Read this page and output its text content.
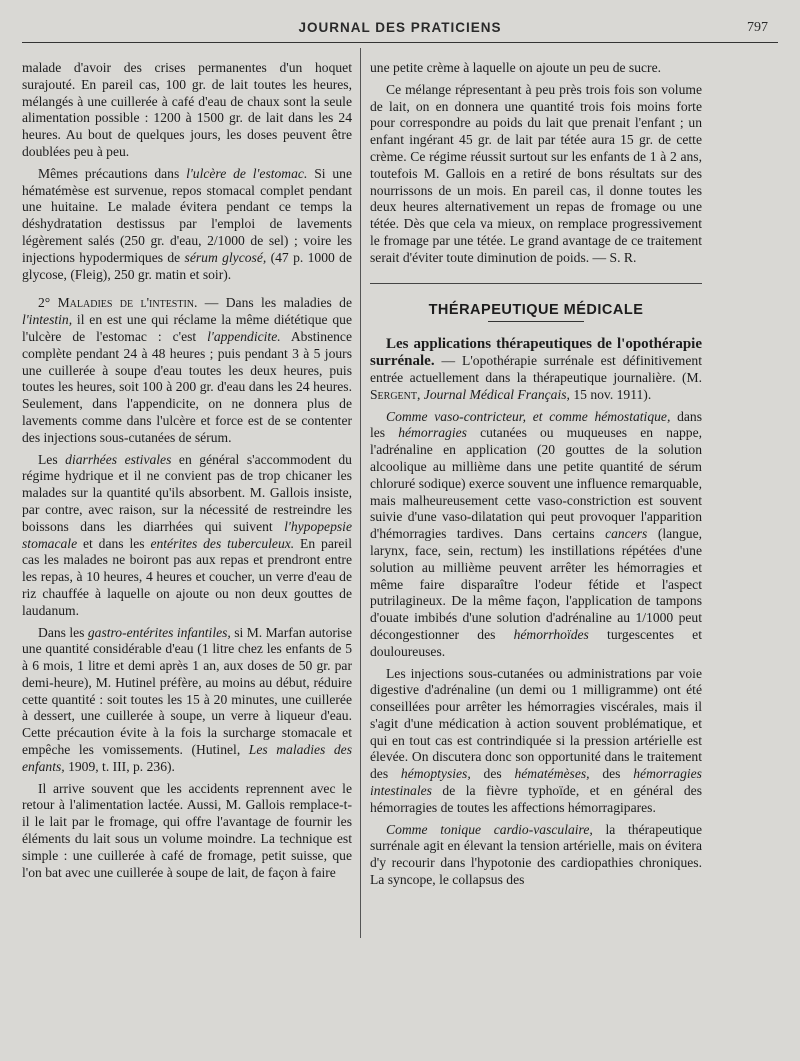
JOURNAL DES PRATICIENS	797

malade d'avoir des crises permanentes d'un hoquet surajouté. En pareil cas, 100 gr. de lait toutes les heures, mélangés à une cuillerée à café d'eau de chaux sont la seule alimentation possible : 1200 à 1500 gr. de lait dans les 24 heures. Au bout de quelques jours, les doses peuvent être doublées peu à peu.

Mêmes précautions dans l'ulcère de l'estomac. Si une hématémèse est survenue, repos stomacal complet pendant une huitaine. Le malade évitera pendant ce temps la déshydratation destissus par l'emploi de lavements légèrement salés (250 gr. d'eau, 2/1000 de sel) ; voire les injections hypodermiques de sérum glycosé, (47 p. 1000 de glycose, (Fleig), 250 gr. matin et soir).

2° Maladies de l'intestin. — Dans les maladies de l'intestin, il en est une qui réclame la même diététique que l'ulcère de l'estomac : c'est l'appendicite. Abstinence complète pendant 24 à 48 heures ; puis pendant 3 à 5 jours une cuillerée à soupe d'eau toutes les deux heures, puis toutes les heures, soit 100 à 200 gr. d'eau dans les 24 heures. Seulement, dans l'appendicite, on ne donnera plus de lavements comme dans l'ulcère et force est de se contenter des injections sous-cutanées de sérum.

Les diarrhées estivales en général s'accommodent du régime hydrique et il ne convient pas de trop chicaner les malades sur la quantité qu'ils absorbent. M. Gallois insiste, par contre, avec raison, sur la nécessité de restreindre les boissons dans les diarrhées qui suivent l'hypopepsie stomacale et dans les entérites des tuberculeux. En pareil cas les malades ne boiront pas aux repas et prendront entre les repas, à 10 heures, 4 heures et coucher, un verre d'eau de riz chauffée à laquelle on ajoute ou non deux gouttes de laudanum.

Dans les gastro-entérites infantiles, si M. Marfan autorise une quantité considérable d'eau (1 litre chez les enfants de 5 à 6 mois, 1 litre et demi après 1 an, aux doses de 50 gr. par demi-heure), M. Hutinel préfère, au moins au début, réduire cette quantité : soit toutes les 15 à 20 minutes, une cuillerée à dessert, une cuillerée à soupe, un verre à liqueur d'eau. Cette précaution évite à la fois la surcharge stomacale et empêche les vomissements. (Hutinel, Les maladies des enfants, 1909, t. III, p. 236).

Il arrive souvent que les accidents reprennent avec le retour à l'alimentation lactée. Aussi, M. Gallois remplace-t-il le lait par le fromage, qui offre l'avantage de fournir les éléments du lait sous un volume moindre. La technique est simple : une cuillerée à café de fromage, petit suisse, que l'on bat avec une cuillerée à soupe de lait, de façon à faire

une petite crème à laquelle on ajoute un peu de sucre.

Ce mélange répresentant à peu près trois fois son volume de lait, on en donnera une quantité trois fois moins forte pour correspondre au poids du lait que prenait l'enfant ; un enfant ingérant 45 gr. de lait par tétée aura 15 gr. de cette crème. Ce régime réussit surtout sur les enfants de 1 à 2 ans, toutefois M. Gallois en a retiré de bons résultats sur des nourrissons de un mois. En pareil cas, il donne toutes les deux heures alternativement un repas de fromage ou une tétée. Dès que cela va mieux, on remplace progressivement le fromage par une tétée. Le grand avantage de ce traitement serait d'éviter toute diminution de poids. — S. R.

THÉRAPEUTIQUE MÉDICALE

Les applications thérapeutiques de l'opothérapie surrénale. — L'opothérapie surrénale est définitivement entrée actuellement dans la thérapeutique journalière. (M. Sergent, Journal Médical Français, 15 nov. 1911).

Comme vaso-contricteur, et comme hémostatique, dans les hémorragies cutanées ou muqueuses en nappe, l'adrénaline en application (20 gouttes de la solution alcoolique au millième dans une petite quantité de sérum chloruré sodique) exerce souvent une influence remarquable, mais malheureusement cette vaso-constriction est souvent suivie d'une vaso-dilatation qui peut provoquer l'apparition d'hémorragies tardives. Dans certains cancers (langue, larynx, face, sein, rectum) les instillations répétées d'une solution au millième peuvent arrêter les hémorragies et même faire disparaître l'odeur fétide et l'aspect putrilagineux. De la même façon, l'application de tampons d'ouate imbibés d'une solution d'adrénaline au 1/1000 peut décongestionner des hémorrhoïdes turgescentes et douloureuses.

Les injections sous-cutanées ou administrations par voie digestive d'adrénaline (un demi ou 1 milligramme) ont été conseillées pour arrêter les hémorragies viscérales, mais il s'agit d'une médication à action souvent problématique, et qui en tout cas est contrindiquée si la pression artérielle est élevée. On discutera donc son opportunité dans le traitement des hémoptysies, des hématémèses, des hémorragies intestinales de la fièvre typhoïde, et en général des hémorragies de toutes les affections hémorragipares.

Comme tonique cardio-vasculaire, la thérapeutique surrénale agit en élevant la tension artérielle, mais on évitera d'y recourir dans l'hypotonie des cardiopathies chroniques. La syncope, le collapsus des
